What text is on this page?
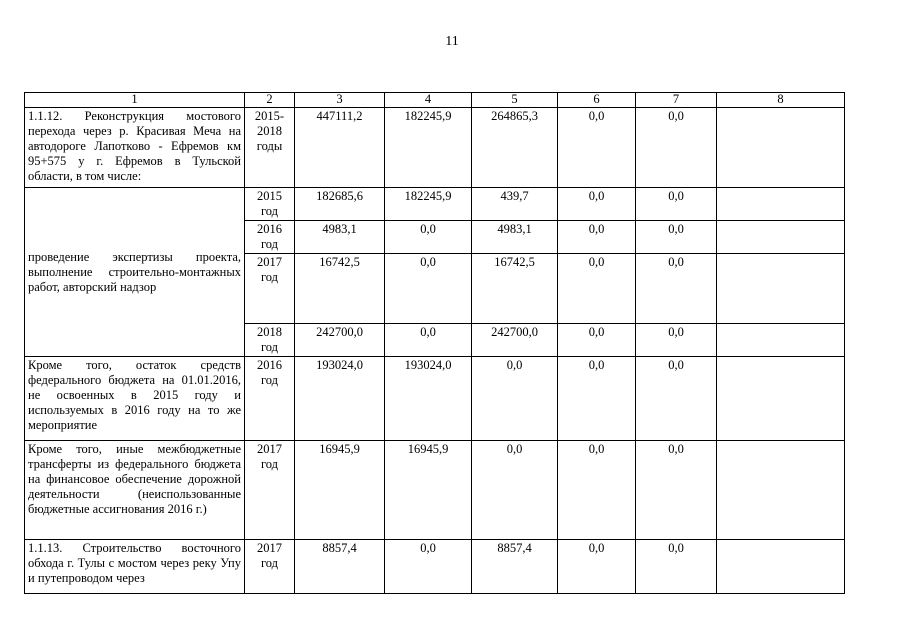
11
1	2	3	4	5	6	7	8
1.1.12. Реконструкция мостового перехода через р. Красивая Меча на автодороге Лапотково - Ефремов км 95+575 у г. Ефремов в Тульской области, в том числе:	2015-2018 годы	447111,2	182245,9	264865,3	0,0	0,0	
проведение экспертизы проекта, выполнение строительно-монтажных работ, авторский надзор	2015 год	182685,6	182245,9	439,7	0,0	0,0	
	2016 год	4983,1	0,0	4983,1	0,0	0,0	
	2017 год	16742,5	0,0	16742,5	0,0	0,0	
	2018 год	242700,0	0,0	242700,0	0,0	0,0	
Кроме того, остаток средств федерального бюджета на 01.01.2016, не освоенных в 2015 году и используемых в 2016 году на то же мероприятие	2016 год	193024,0	193024,0	0,0	0,0	0,0	
Кроме того, иные межбюджетные трансферты из федерального бюджета на финансовое обеспечение дорожной деятельности (неиспользованные бюджетные ассигнования 2016 г.)	2017 год	16945,9	16945,9	0,0	0,0	0,0	
1.1.13. Строительство восточного обхода г. Тулы с мостом через реку Упу и путепроводом через	2017 год	8857,4	0,0	8857,4	0,0	0,0	
